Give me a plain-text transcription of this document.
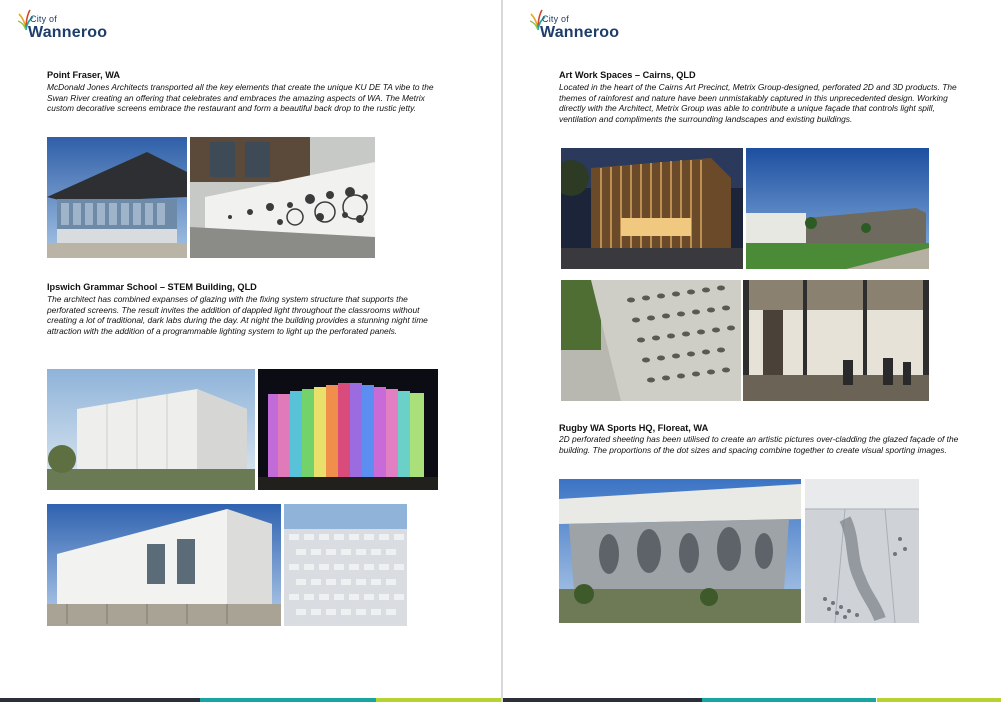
City of
Wanneroo
Point Fraser, WA
McDonald Jones Architects transported all the key elements that create the unique KU DE TA vibe to the Swan River creating an offering that celebrates and embraces the amazing aspects of WA. The Metrix custom decorative screens embrace the restaurant and form a beautiful back drop to the rustic jetty.
Ipswich Grammar School – STEM Building, QLD
The architect has combined expanses of glazing with the fixing system structure that supports the perforated screens. The result invites the addition of dappled light throughout the classrooms without creating a lot of traditional, dark labs during the day. At night the building provides a stunning night time attraction with the addition of a programmable lighting system to light up the perforated panels.
City of
Wanneroo
Art Work Spaces – Cairns, QLD
Located in the heart of the Cairns Art Precinct, Metrix Group-designed, perforated 2D and 3D products. The themes of rainforest and nature have been unmistakably captured in this unprecedented design. Working directly with the Architect, Metrix Group was able to contribute a unique façade that controls light spill, ventilation and compliments the surrounding landscapes and existing buildings.
Rugby WA Sports HQ, Floreat, WA
2D perforated sheeting has been utilised to create an artistic pictures over-cladding the glazed façade of the building. The proportions of the dot sizes and spacing combine together to create visual sporting images.
